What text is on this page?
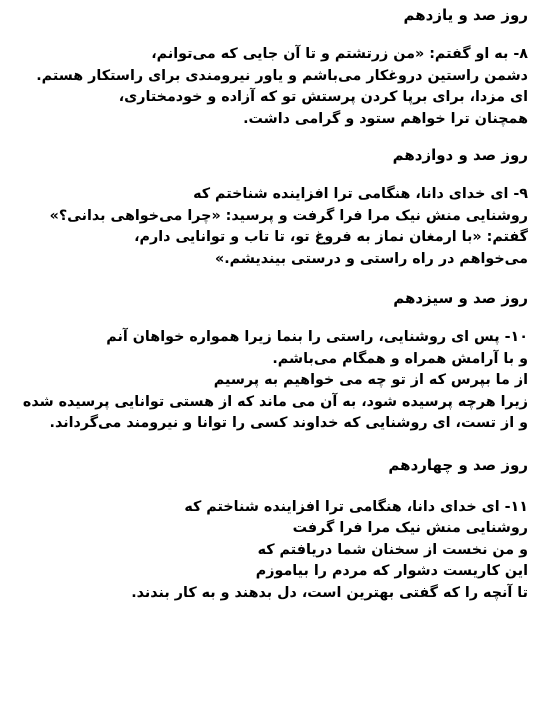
روز صد و یازدهم

۸- به او گفتم: «من زرتشتم و تا آن جایی که می‌توانم،

دشمن راستین دروغکار می‌باشم و یاور نیرومندی برای راستکار هستم.

ای مزدا، برای برپا کردن پرستش تو که آزاده و خودمختاری،

همچنان ترا خواهم ستود و گرامی داشت.

روز صد و دوازدهم

۹- ای خدای دانا، هنگامی ترا افزاینده شناختم که

روشنایی منش نیک مرا فرا گرفت و پرسید: «چرا می‌خواهی بدانی؟»

گفتم: «با ارمغان نماز به فروغ تو، تا تاب و توانایی دارم،

می‌خواهم در راه راستی و درستی بیندیشم.»

روز صد و سیزدهم

۱۰- پس ای روشنایی، راستی را بنما زیرا همواره خواهان آنم

و با آرامش همراه و همگام می‌باشم.

از ما بپرس که از تو چه می خواهیم به پرسیم

زیرا هرچه پرسیده شود، به آن می ماند که از هستی توانایی پرسیده شده

و از تست، ای روشنایی که خداوند کسی را توانا و نیرومند می‌گرداند.

روز صد و چهاردهم

۱۱- ای خدای دانا، هنگامی ترا افزاینده شناختم که

روشنایی منش نیک مرا فرا گرفت

و من نخست از سخنان شما دریافتم که

این کاریست دشوار که مردم را بیاموزم

تا آنچه را که گفتی بهترین است، دل بدهند و به کار بندند.
